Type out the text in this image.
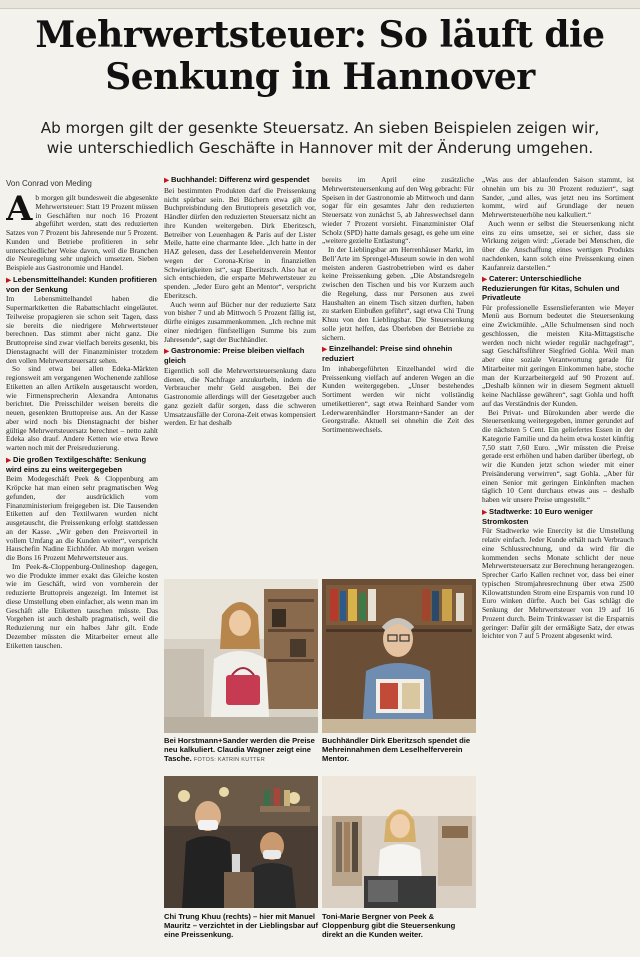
Mehrwertsteuer: So läuft die
Senkung in Hannover

Ab morgen gilt der gesenkte Steuersatz. An sieben Beispielen zeigen wir,
wie unterschiedlich Geschäfte in Hannover mit der Änderung umgehen.

Von Conrad von Meding

Ab morgen gilt bundesweit die abgesenkte Mehrwertsteuer: Statt 19 Prozent müssen in Geschäften nur noch 16 Prozent abgeführt werden, statt des reduzierten Satzes von 7 Prozent bis Jahresende nur 5 Prozent. Kunden und Betriebe profitieren in sehr unterschiedlicher Weise davon, weil die Branchen die Neuregelung sehr ungleich umsetzen. Sieben Beispiele aus Gastronomie und Handel.

▶ Lebensmittelhandel: Kunden profitieren von der Senkung

Im Lebensmittelhandel haben die Supermarktketten die Rabattschlacht eingeläutet. Teilweise propagieren sie schon seit Tagen, dass sie bereits die niedrigere Mehrwertsteuer berechnen. Das stimmt aber nicht ganz. Die Bruttopreise sind zwar vielfach bereits gesenkt, bis Dienstagnacht will der Finanzminister trotzdem den vollen Mehrwertsteuersatz sehen.

So sind etwa bei allen Edeka-Märkten regionsweit am vergangenen Wochenende zahllose Etiketten an allen Artikeln ausgetauscht worden, wie Firmensprecherin Alexandra Antonatus berichtet. Die Preisschilder weisen bereits die neuen, gesenkten Bruttopreise aus. An der Kasse aber wird noch bis Dienstagnacht der bisher gültige Mehrwertsteuersatz berechnet – netto zahlt Edeka also drauf. Andere Ketten wie etwa Rewe warten noch mit der Preisreduzierung.

▶ Die großen Textilgeschäfte: Senkung wird eins zu eins weitergegeben

Beim Modegeschäft Peek & Cloppenburg am Kröpcke hat man einen sehr pragmatischen Weg gefunden, der ausdrücklich vom Finanzministerium freigegeben ist. Die Tausenden Etiketten auf den Textilwaren wurden nicht ausgetauscht, die Preissenkung erfolgt stattdessen an der Kasse. „Wir geben den Preisvorteil in vollem Umfang an die Kunden weiter“, verspricht Hauschefin Nadine Eichhöfer. Ab morgen weisen die Bons 16 Prozent Mehrwertsteuer aus.

Im Peek-&-Cloppenburg-Onlineshop dagegen, wo die Produkte immer exakt das Gleiche kosten wie im Geschäft, wird von vornherein der reduzierte Bruttopreis angezeigt. Im Internet ist diese Umstellung eben einfacher, als wenn man im Geschäft alle Etiketten tauschen müsste. Das Vorgehen ist auch deshalb pragmatisch, weil die Reduzierung nur ein halbes Jahr gilt. Ende Dezember müssten die Mitarbeiter erneut alle Etiketten tauschen.

▶ Buchhandel: Differenz wird gespendet

Bei bestimmten Produkten darf die Preissenkung nicht spürbar sein. Bei Büchern etwa gilt die Buchpreisbindung den Bruttopreis gesetzlich vor, Händler dürfen den reduzierten Steuersatz nicht an ihre Kunden weitergeben. Dirk Eberitzsch, Betreiber von Leuenhagen & Paris auf der Lister Meile, hatte eine charmante Idee. „Ich hatte in der HAZ gelesen, dass der Leseheldenverein Mentor wegen der Corona-Krise in finanziellen Schwierigkeiten ist“, sagt Eberitzsch. Also hat er sich entschieden, die ersparte Mehrwertsteuer zu spenden. „Jeder Euro geht an Mentor“, verspricht Eberitzsch.

Auch wenn auf Bücher nur der reduzierte Satz von bisher 7 und ab Mittwoch 5 Prozent fällig ist, dürfte einiges zusammenkommen. „Ich rechne mit einer niedrigen fünfstelligen Summe bis zum Jahresende“, sagt der Buchhändler.

▶ Gastronomie: Preise bleiben vielfach gleich

Eigentlich soll die Mehrwertsteuersenkung dazu dienen, die Nachfrage anzukurbeln, indem die Verbraucher mehr Geld ausgeben. Bei der Gastronomie allerdings will der Gesetzgeber auch ganz gezielt dafür sorgen, dass die schweren Umsatzausfälle der Corona-Zeit etwas kompensiert werden. Er hat deshalb

bereits im April eine zusätzliche Mehrwertsteuersenkung auf den Weg gebracht: Für Speisen in der Gastronomie ab Mittwoch und dann sogar für ein gesamtes Jahr den reduzierten Steuersatz von zunächst 5, ab Jahreswechsel dann wieder 7 Prozent vorsieht. Finanzminister Olaf Scholz (SPD) hatte damals gesagt, es gehe um eine „weitere gezielte Entlastung“.

In der Lieblingsbar am Herrenhäuser Markt, im Bell’Arte im Sprengel-Museum sowie in den wohl meisten anderen Gastrobetrieben wird es daher keine Preissenkung geben. „Die Abstandsregeln zwischen den Tischen und bis vor Kurzem auch die Regelung, dass nur Personen aus zwei Haushalten an einem Tisch sitzen durften, haben zu starken Einbußen geführt“, sagt etwa Chi Trung Khuu von den Lieblingsbar. Die Steuersenkung solle jetzt helfen, das Überleben der Betriebe zu sichern.

▶ Einzelhandel: Preise sind ohnehin reduziert

Im inhabergeführten Einzelhandel wird die Preissenkung vielfach auf anderen Wegen an die Kunden weitergegeben. „Unser bestehendes Sortiment werden wir nicht vollständig umetikettieren“, sagt etwa Reinhard Sander vom Lederwarenhändler Horstmann+Sander an der Georgstraße. Aktuell sei ohnehin die Zeit des Sortimentswechsels.

„Was aus der ablaufenden Saison stammt, ist ohnehin um bis zu 30 Prozent reduziert“, sagt Sander, „und alles, was jetzt neu ins Sortiment kommt, wird auf Grundlage der neuen Mehrwertsteuerhöhe neu kalkuliert.“

Auch wenn er selbst die Steuersenkung nicht eins zu eins umsetze, sei er sicher, dass sie Wirkung zeigen wird: „Gerade bei Menschen, die über die Anschaffung eines wertigen Produkts nachdenken, kann solch eine Preissenkung einen Kaufanreiz darstellen.“

▶ Caterer: Unterschiedliche Reduzierungen für Kitas, Schulen und Privatleute

Für professionelle Essenslieferanten wie Meyer Menü aus Bornum bedeutet die Steuersenkung eine Zwickmühle. „Alle Schulmensen sind noch geschlossen, die meisten Kita-Mittagstische werden noch nicht wieder regulär nachgefragt“, sagt Geschäftsführer Siegfried Gohla. Weil man aber eine soziale Verantwortung gerade für Mitarbeiter mit geringen Einkommen habe, stoche man der Kurzarbeitergeld auf 90 Prozent auf. „Deshalb können wir in diesem Segment aktuell keine Nachlässe gewähren“, sagt Gohla und hofft auf das Verständnis der Kunden.

Bei Privat- und Bürokunden aber werde die Steuersenkung weitergegeben, immer gerundet auf die nächsten 5 Cent. Ein geliefertes Essen in der Kategorie Familie und da heim etwa kostet künftig 7,50 statt 7,60 Euro. „Wir müssten die Preise gerade erst erhöhen und haben darüber überlegt, ob wir die Kunden jetzt schon wieder mit einer Preisänderung verwirren“, sagt Gohla. „Aber für einen Senior mit geringen Einkünften machen täglich 10 Cent durchaus etwas aus – deshalb haben wir unsere Preise umgestellt.“

▶ Stadtwerke: 10 Euro weniger Stromkosten

Für Stadtwerke wie Enercity ist die Umstellung relativ einfach. Jeder Kunde erhält nach Verbrauch eine Schlussrechnung, und da wird für die kommenden sechs Monate schlicht der neue Mehrwertsteuersatz zur Berechnung herangezogen. Sprecher Carlo Kallen rechnet vor, dass bei einer typischen Stromjahresrechnung über etwa 2500 Kilowattstunden Strom eine Ersparnis von rund 10 Euro winken dürfte. Auch bei Gas schlägt die Senkung der Mehrwertsteuer von 19 auf 16 Prozent durch. Beim Trinkwasser ist die Ersparnis geringer: Dafür gilt der ermäßigte Satz, der etwas leichter von 7 auf 5 Prozent abgesenkt wird.

Bei Horstmann+Sander werden die Preise neu kalkuliert. Claudia Wagner zeigt eine Tasche. FOTOS: KATRIN KUTTER
Buchhändler Dirk Eberitzsch spendet die Mehreinnahmen dem Leselhelferverein Mentor.
Chi Trung Khuu (rechts) – hier mit Manuel Mauritz – verzichtet in der Lieblingsbar auf eine Preissenkung.
Toni-Marie Bergner von Peek & Cloppenburg gibt die Steuersenkung direkt an die Kunden weiter.
